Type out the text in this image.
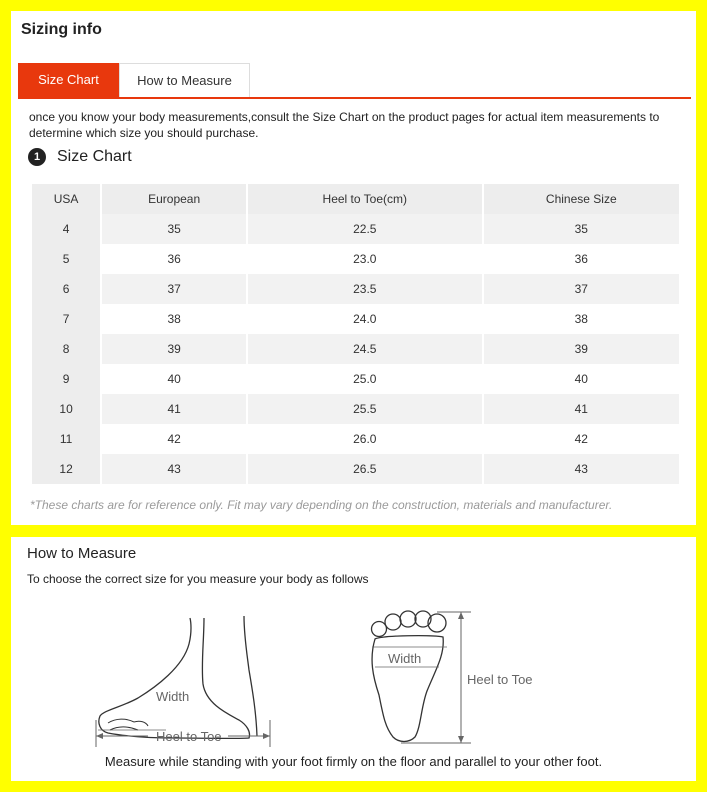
Sizing info
Size Chart	How to Measure
once you know your body measurements,consult the Size Chart on the product pages for actual item measurements to determine which size you should purchase.
1	Size Chart
USA	European	Heel to Toe(cm)	Chinese Size
4	35	22.5	35
5	36	23.0	36
6	37	23.5	37
7	38	24.0	38
8	39	24.5	39
9	40	25.0	40
10	41	25.5	41
11	42	26.0	42
12	43	26.5	43
*These charts are for reference only. Fit may vary depending on the construction, materials and manufacturer.
How to Measure
To choose the correct size for you measure your body as follows
Width
Heel to Toe
Width
Heel to Toe
Measure while standing with your foot firmly on the floor and parallel to your other foot.
